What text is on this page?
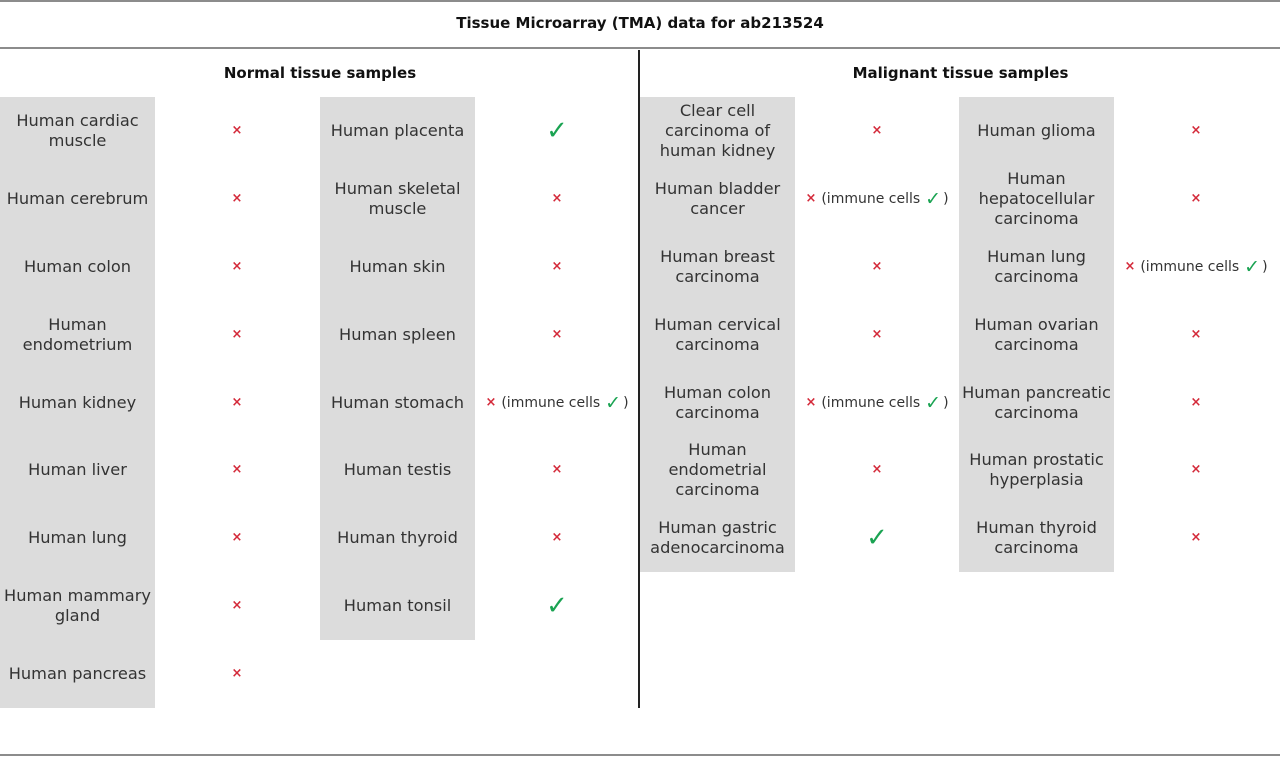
Tissue Microarray (TMA) data for ab213524
Normal tissue samples	Malignant tissue samples
Human cardiac muscle
Human cerebrum
Human colon
Human endometrium
Human kidney
Human liver
Human lung
Human mammary gland
Human pancreas
×
×
×
×
×
×
×
×
×
Human placenta
Human skeletal muscle
Human skin
Human spleen
Human stomach
Human testis
Human thyroid
Human tonsil
✓
×
×
×
× (immune cells ✓ )
×
×
✓
Clear cell carcinoma of human kidney
Human bladder cancer
Human breast carcinoma
Human cervical carcinoma
Human colon carcinoma
Human endometrial carcinoma
Human gastric adenocarcinoma
×
× (immune cells ✓ )
×
×
× (immune cells ✓ )
×
✓
Human glioma
Human hepatocellular carcinoma
Human lung carcinoma
Human ovarian carcinoma
Human pancreatic carcinoma
Human prostatic hyperplasia
Human thyroid carcinoma
×
×
× (immune cells ✓ )
×
×
×
×
